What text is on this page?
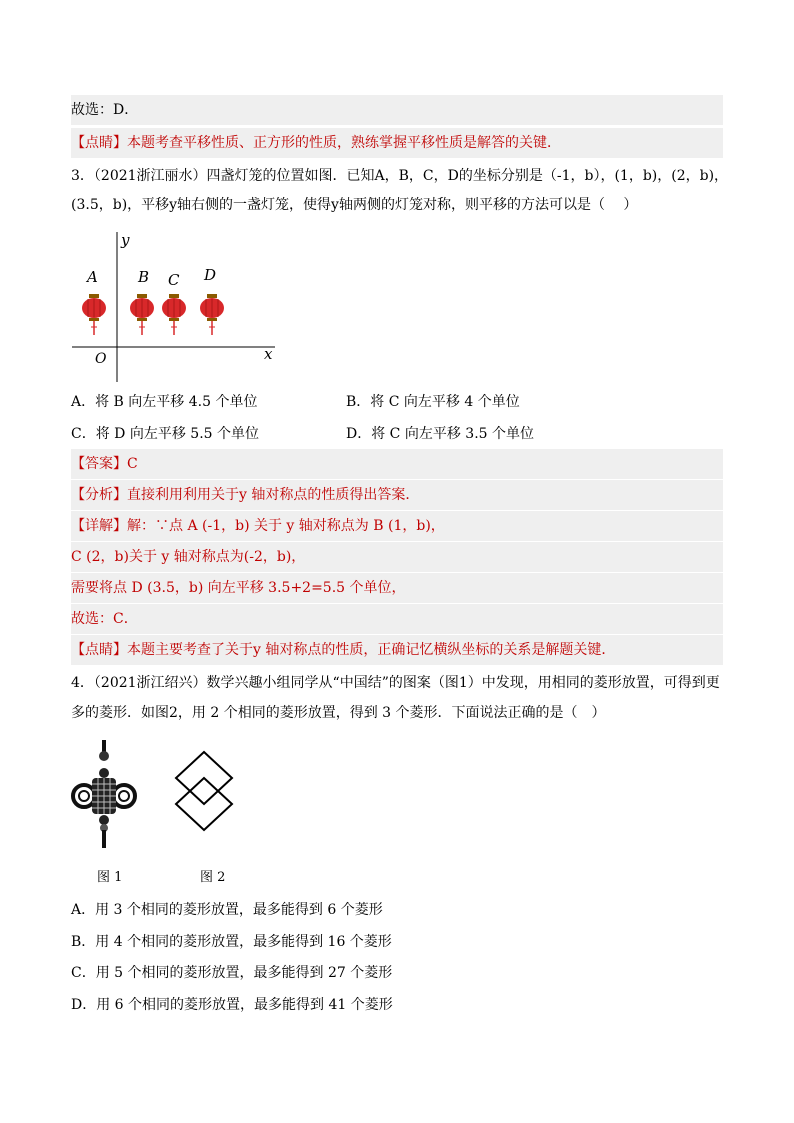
故选：D．
【点睛】本题考查平移性质、正方形的性质，熟练掌握平移性质是解答的关键．
3．（2021浙江丽水）四盏灯笼的位置如图．已知A，B，C，D的坐标分别是（-1，b），(1，b)，(2，b)，
(3.5，b)，平移y轴右侧的一盏灯笼，使得y轴两侧的灯笼对称，则平移的方法可以是（　 ）
y
x
O
A	B C D
A．将 B 向左平移 4.5 个单位	B．将 C 向左平移 4 个单位
C．将 D 向左平移 5.5 个单位	D．将 C 向左平移 3.5 个单位
【答案】C
【分析】直接利用利用关于y 轴对称点的性质得出答案．
【详解】解：∵点 A (-1，b) 关于 y 轴对称点为 B (1，b)，
C (2，b)关于 y 轴对称点为(-2，b)，
需要将点 D (3.5，b) 向左平移 3.5+2=5.5 个单位，
故选：C．
【点睛】本题主要考查了关于y 轴对称点的性质，正确记忆横纵坐标的关系是解题关键．
4．（2021浙江绍兴）数学兴趣小组同学从“中国结”的图案（图1）中发现，用相同的菱形放置，可得到更
多的菱形．如图2，用 2 个相同的菱形放置，得到 3 个菱形．下面说法正确的是（　）
图 1	图 2
A．用 3 个相同的菱形放置，最多能得到 6 个菱形
B．用 4 个相同的菱形放置，最多能得到 16 个菱形
C．用 5 个相同的菱形放置，最多能得到 27 个菱形
D．用 6 个相同的菱形放置，最多能得到 41 个菱形
